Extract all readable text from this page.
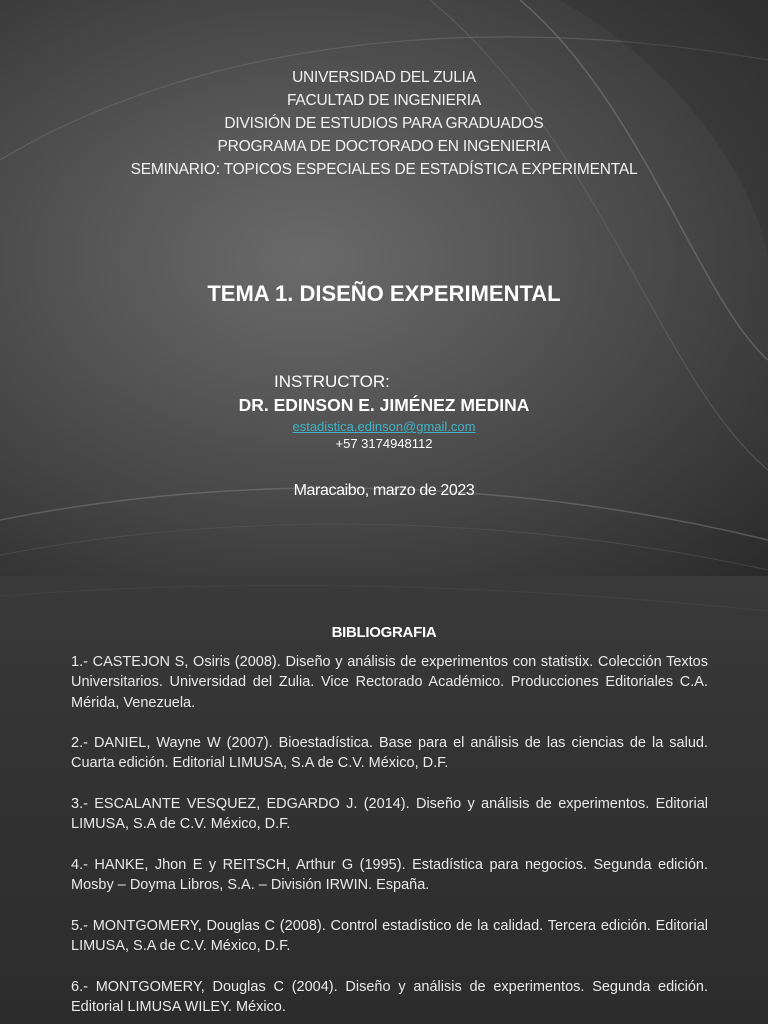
UNIVERSIDAD DEL ZULIA
FACULTAD DE INGENIERIA
DIVISIÓN DE ESTUDIOS PARA GRADUADOS
PROGRAMA DE DOCTORADO EN INGENIERIA
SEMINARIO: TOPICOS ESPECIALES DE ESTADÍSTICA EXPERIMENTAL
TEMA 1. DISEÑO EXPERIMENTAL
INSTRUCTOR:
DR. EDINSON E. JIMÉNEZ MEDINA
estadistica.edinson@gmail.com
+57 3174948112
Maracaibo, marzo de 2023
BIBLIOGRAFIA
1.- CASTEJON S, Osiris (2008). Diseño y análisis de experimentos con statistix. Colección Textos Universitarios. Universidad del Zulia. Vice Rectorado Académico. Producciones Editoriales C.A. Mérida, Venezuela.
2.- DANIEL, Wayne W (2007). Bioestadística. Base para el análisis de las ciencias de la salud. Cuarta edición. Editorial LIMUSA, S.A de C.V. México, D.F.
3.- ESCALANTE VESQUEZ, EDGARDO J. (2014). Diseño y análisis de experimentos. Editorial LIMUSA, S.A de C.V. México, D.F.
4.- HANKE, Jhon E y REITSCH, Arthur G (1995). Estadística para negocios. Segunda edición. Mosby – Doyma Libros, S.A. – División IRWIN. España.
5.- MONTGOMERY, Douglas C (2008). Control estadístico de la calidad. Tercera edición. Editorial LIMUSA, S.A de C.V. México, D.F.
6.- MONTGOMERY, Douglas C (2004). Diseño y análisis de experimentos. Segunda edición. Editorial LIMUSA WILEY. México.
